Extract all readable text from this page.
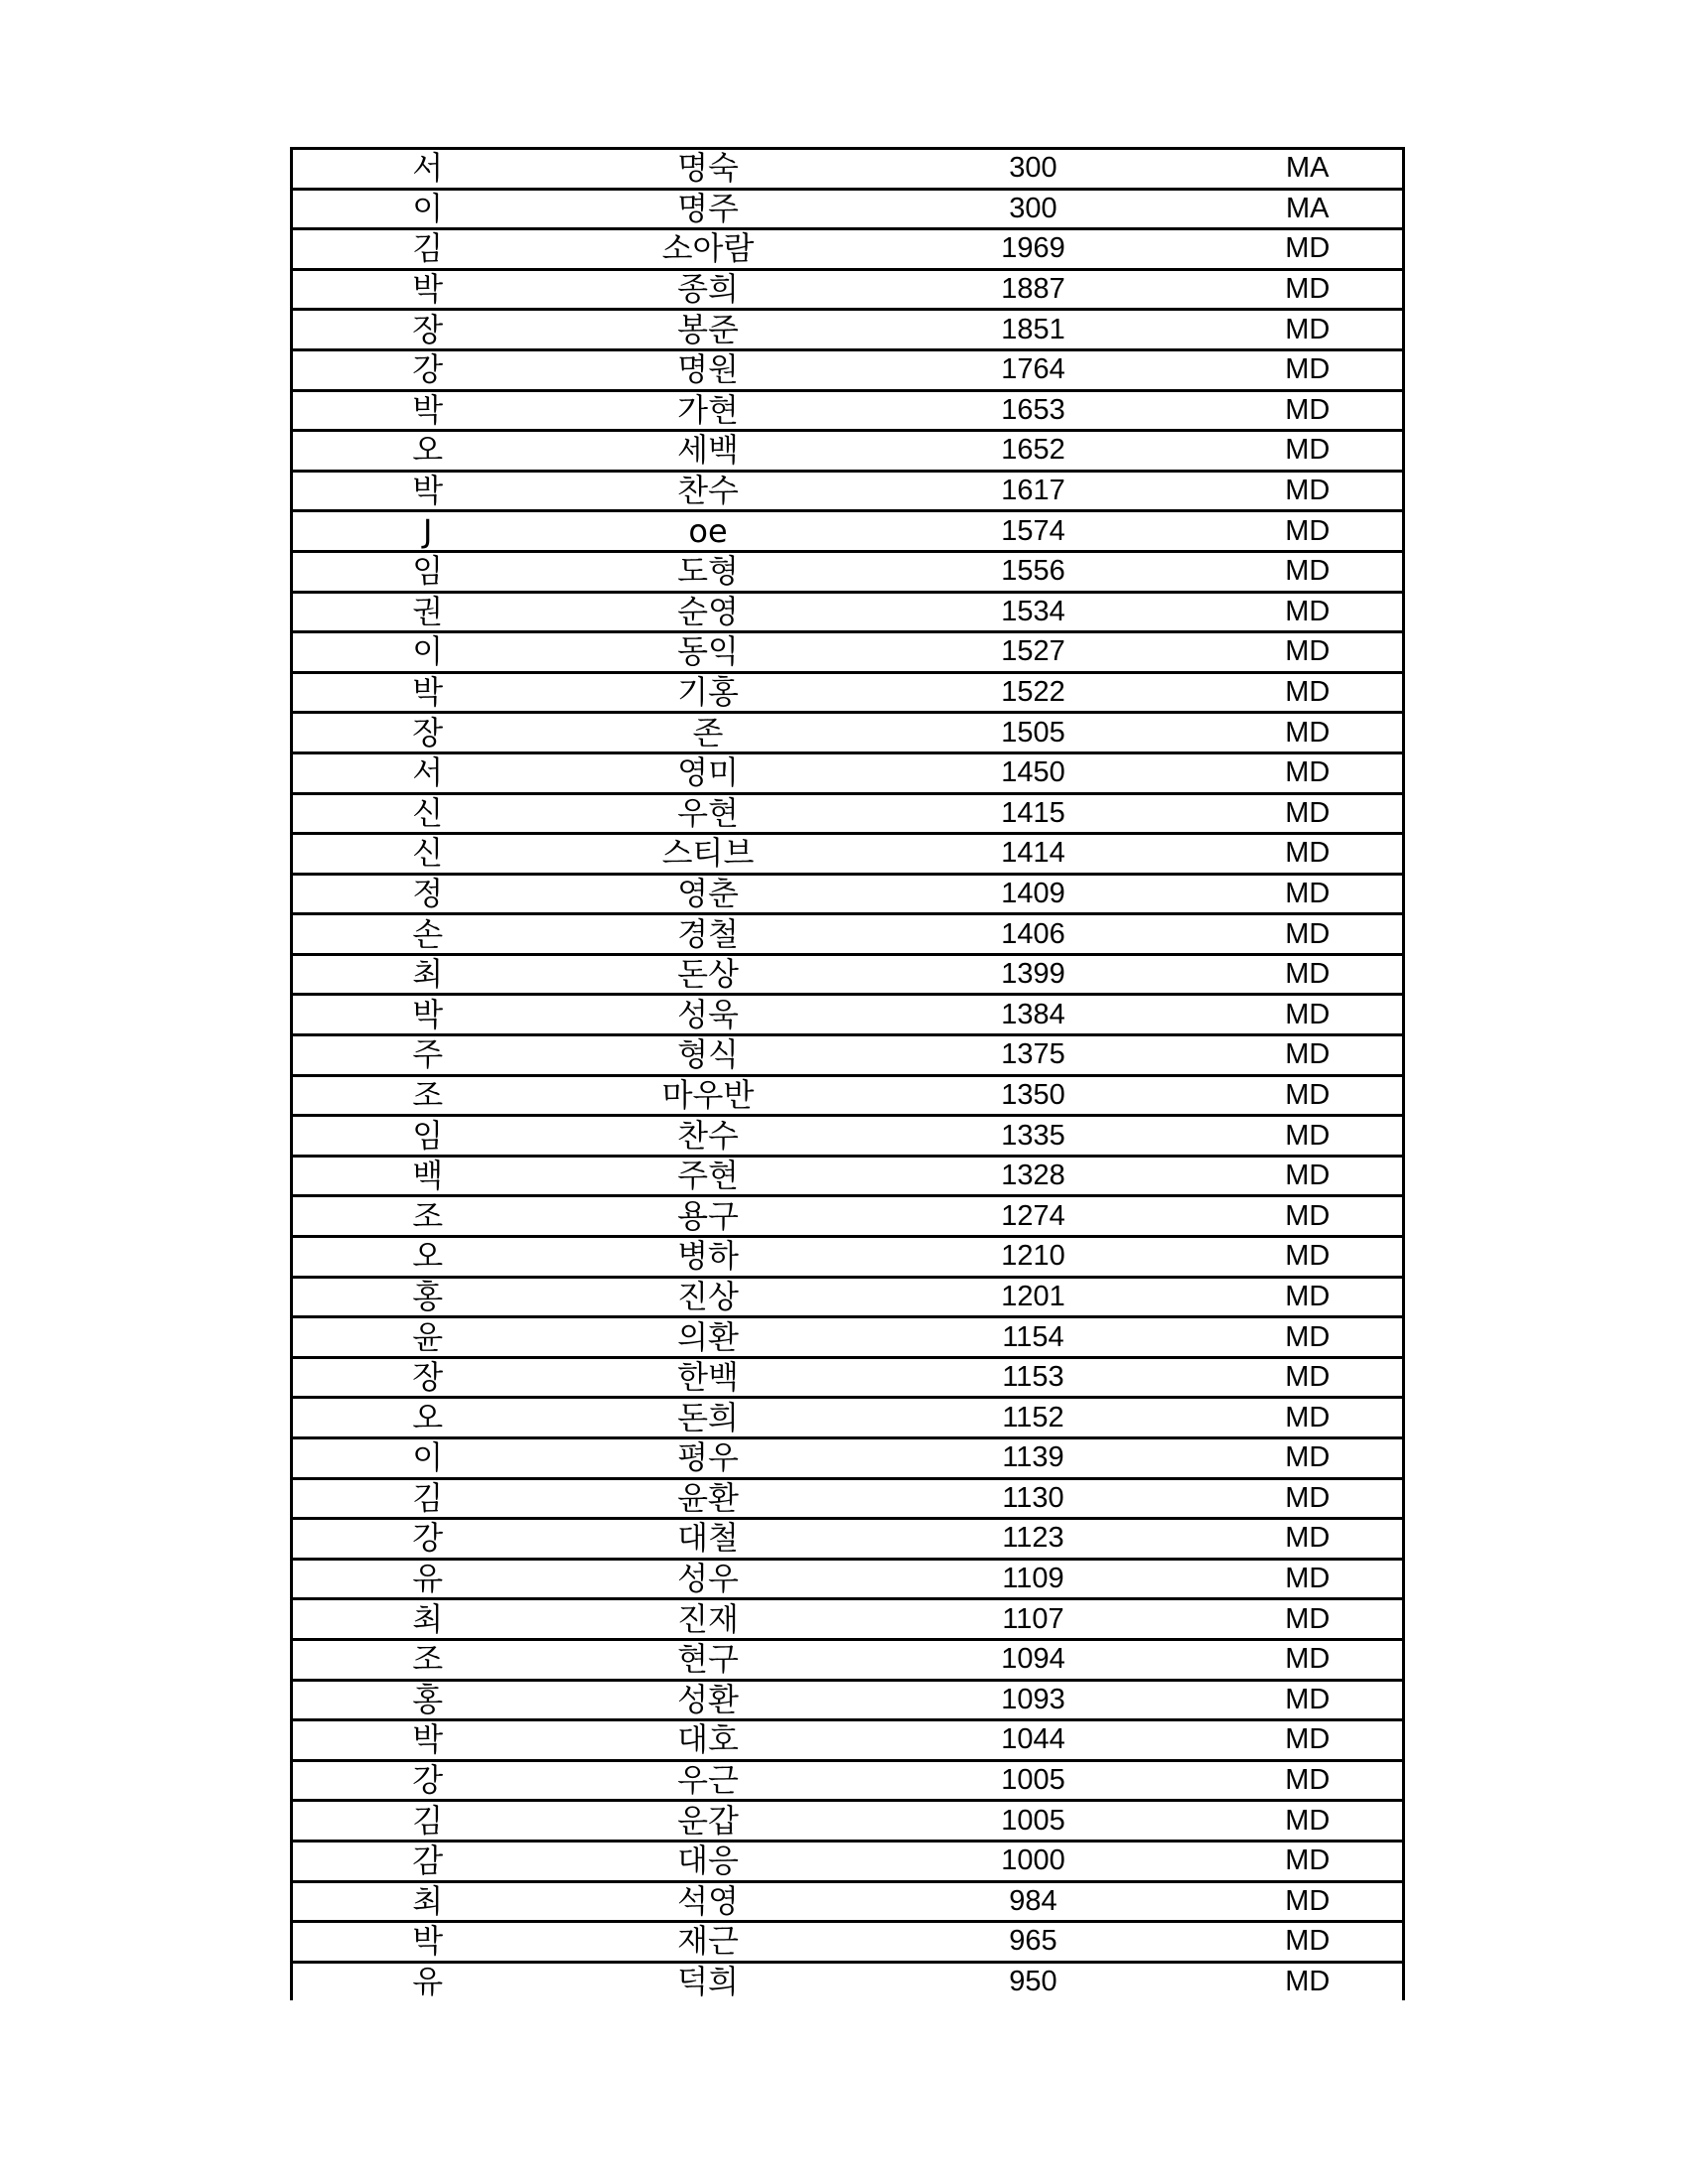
서	명숙	300	MA
이	명주	300	MA
김	소아람	1969	MD
박	종희	1887	MD
장	봉준	1851	MD
강	명원	1764	MD
박	가현	1653	MD
오	세백	1652	MD
박	찬수	1617	MD
J	oe	1574	MD
임	도형	1556	MD
권	순영	1534	MD
이	동익	1527	MD
박	기홍	1522	MD
장	존	1505	MD
서	영미	1450	MD
신	우현	1415	MD
신	스티브	1414	MD
정	영춘	1409	MD
손	경철	1406	MD
최	돈상	1399	MD
박	성욱	1384	MD
주	형식	1375	MD
조	마우반	1350	MD
임	찬수	1335	MD
백	주현	1328	MD
조	용구	1274	MD
오	병하	1210	MD
홍	진상	1201	MD
윤	의환	1154	MD
장	한백	1153	MD
오	돈희	1152	MD
이	평우	1139	MD
김	윤환	1130	MD
강	대철	1123	MD
유	성우	1109	MD
최	진재	1107	MD
조	현구	1094	MD
홍	성환	1093	MD
박	대호	1044	MD
강	우근	1005	MD
김	운갑	1005	MD
감	대응	1000	MD
최	석영	984	MD
박	재근	965	MD
유	덕희	950	MD
